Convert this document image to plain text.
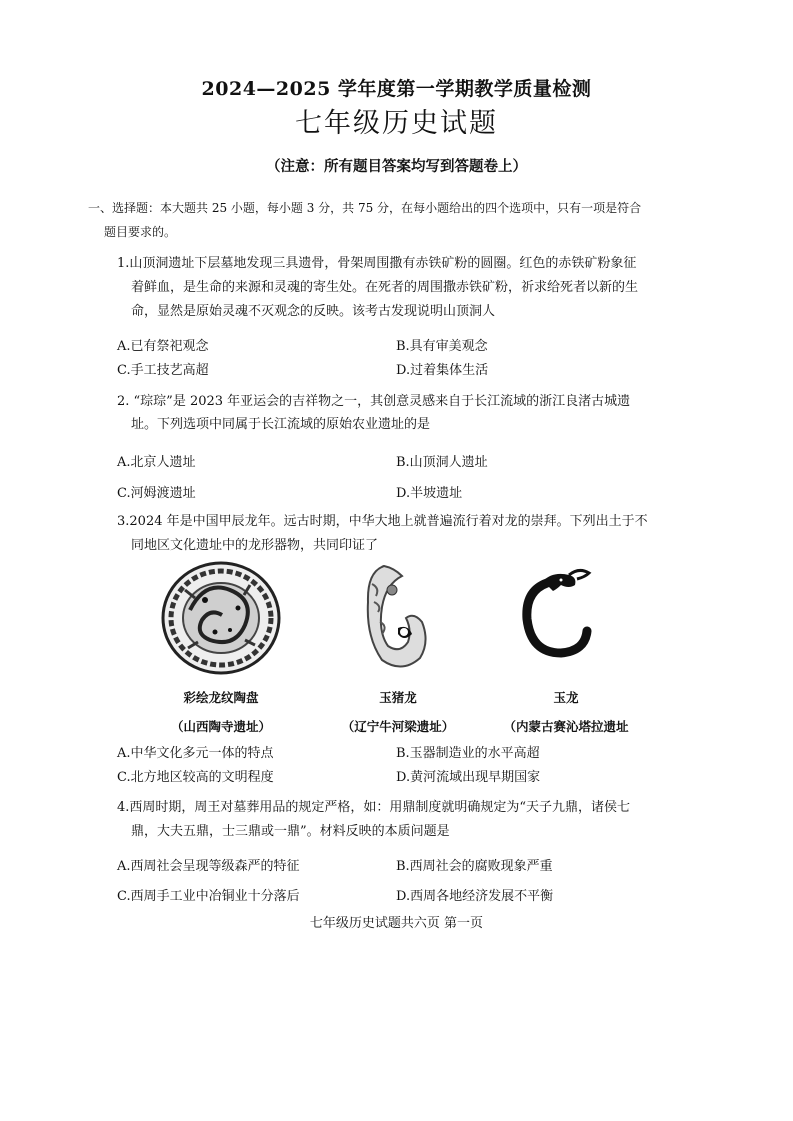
2024—2025 学年度第一学期教学质量检测
七年级历史试题
（注意：所有题目答案均写到答题卷上）
一、选择题：本大题共 25 小题，每小题 3 分，共 75 分，在每小题给出的四个选项中，只有一项是符合
题目要求的。
1.山顶洞遗址下层墓地发现三具遗骨，骨架周围撒有赤铁矿粉的圆圈。红色的赤铁矿粉象征
着鲜血，是生命的来源和灵魂的寄生处。在死者的周围撒赤铁矿粉，祈求给死者以新的生
命，显然是原始灵魂不灭观念的反映。该考古发现说明山顶洞人
A.已有祭祀观念	B.具有审美观念
C.手工技艺高超	D.过着集体生活
2. “琮琮”是 2023 年亚运会的吉祥物之一，其创意灵感来自于长江流域的浙江良渚古城遗
址。下列选项中同属于长江流域的原始农业遗址的是
A.北京人遗址	B.山顶洞人遗址
C.河姆渡遗址	D.半坡遗址
3.2024 年是中国甲辰龙年。远古时期，中华大地上就普遍流行着对龙的崇拜。下列出土于不
同地区文化遗址中的龙形器物，共同印证了
彩绘龙纹陶盘	玉猪龙	玉龙
（山西陶寺遗址）	（辽宁牛河梁遗址）	（内蒙古赛沁塔拉遗址
A.中华文化多元一体的特点	B.玉器制造业的水平高超
C.北方地区较高的文明程度	D.黄河流域出现早期国家
4.西周时期，周王对墓葬用品的规定严格，如：用鼎制度就明确规定为“天子九鼎，诸侯七
鼎，大夫五鼎，士三鼎或一鼎”。材料反映的本质问题是
A.西周社会呈现等级森严的特征	B.西周社会的腐败现象严重
C.西周手工业中冶铜业十分落后	D.西周各地经济发展不平衡
七年级历史试题共六页 第一页
